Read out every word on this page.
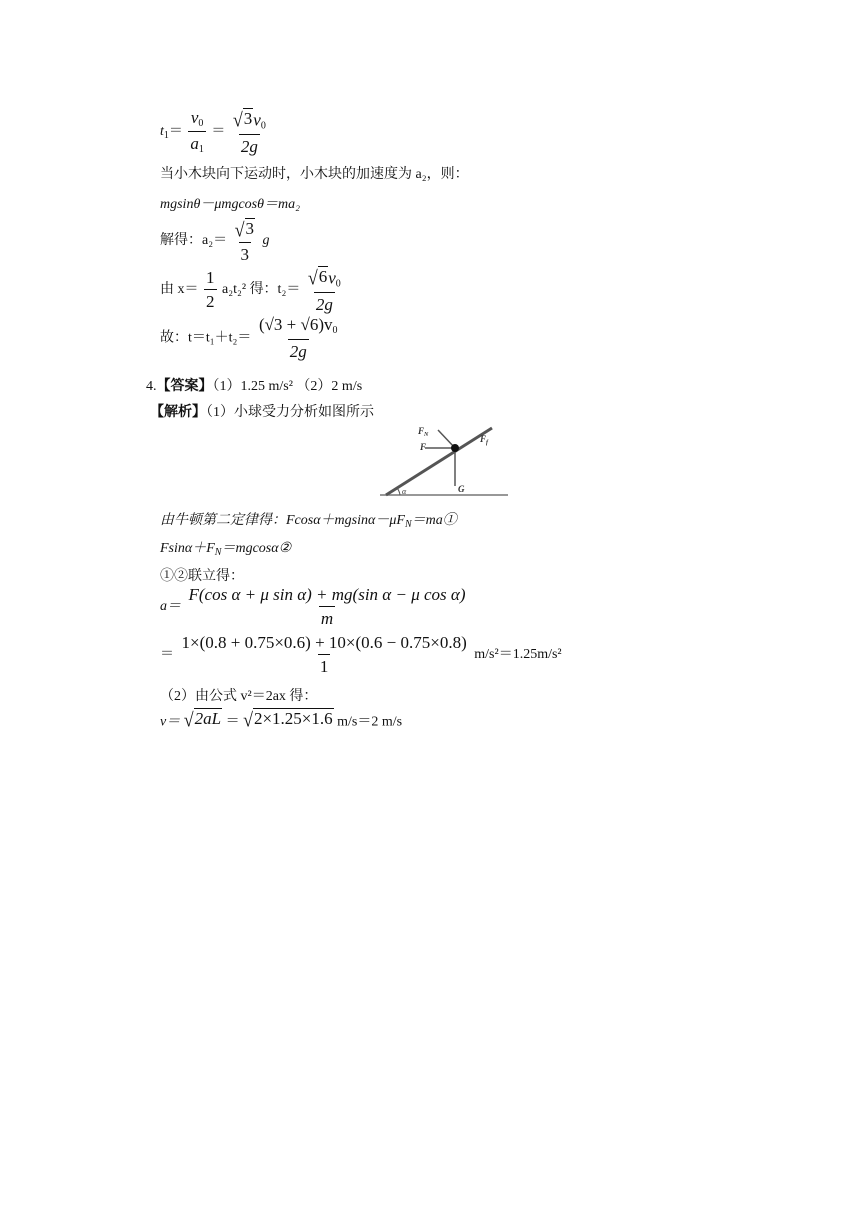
$t_1= \frac{v_0}{a_1} = \frac{√ 3 v_0}{2g}$
当小木块向下运动时，小木块的加速度为 a₂，则：
mgsinθ－μmgcosθ＝ma₂
解得：$a_2= \frac{√ 3}{3}$ g
由 $x= \frac{1}{2} a_2t_2^2$ 得：$t_2= \frac{√ 6 v_0}{2g}$
故：$t=t_1+t_2= \frac{(√3 + √6)v_0}{2g}$
4.【答案】（1）1.25 m/s² （2）2 m/s
【解析】（1）小球受力分析如图所示
$F_N$
F
$F_f$
G
α
由牛顿第二定律得：$Fcos\alpha+mgsin\alpha-\mu F_N=ma①$
$Fsin\alpha+F_N=mgcos\alpha ②$
①②联立得：
$a= \frac{\text{F(cos α + μ sin α) + mg(sin α − μ cos α)}}{m}$
＝ $\frac{1\times(0.8 + 0.75\times 0.6) + 10\times(0.6 - 0.75\times 0.8)}{1} m/s^2=1.25m/s^2$
（2）由公式 v²＝2ax 得：
v＝ √ 2aL ＝ √ 2×1.25×1.6 m/s＝2 m/s
